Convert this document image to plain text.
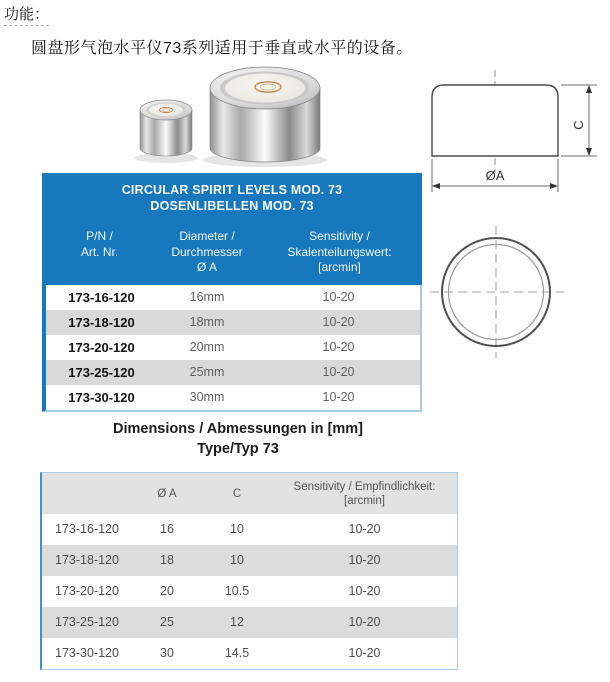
功能：
圆盘形气泡水平仪73系列适用于垂直或水平的设备。
C
ØA
CIRCULAR SPIRIT LEVELS MOD. 73
DOSENLIBELLEN MOD. 73
P/N /
Art. Nr.
Diameter /
Durchmesser
Ø A
Sensitivity /
Skalenteilungswert:
[arcmin]
173-16-120	16mm	10-20
173-18-120	18mm	10-20
173-20-120	20mm	10-20
173-25-120	25mm	10-20
173-30-120	30mm	10-20
Dimensions / Abmessungen in [mm]
Type/Typ 73
Ø A	C
Sensitivity / Empfindlichkeit:
[arcmin]
173-16-120	16	10	10-20
173-18-120	18	10	10-20
173-20-120	20	10.5	10-20
173-25-120	25	12	10-20
173-30-120	30	14.5	10-20
